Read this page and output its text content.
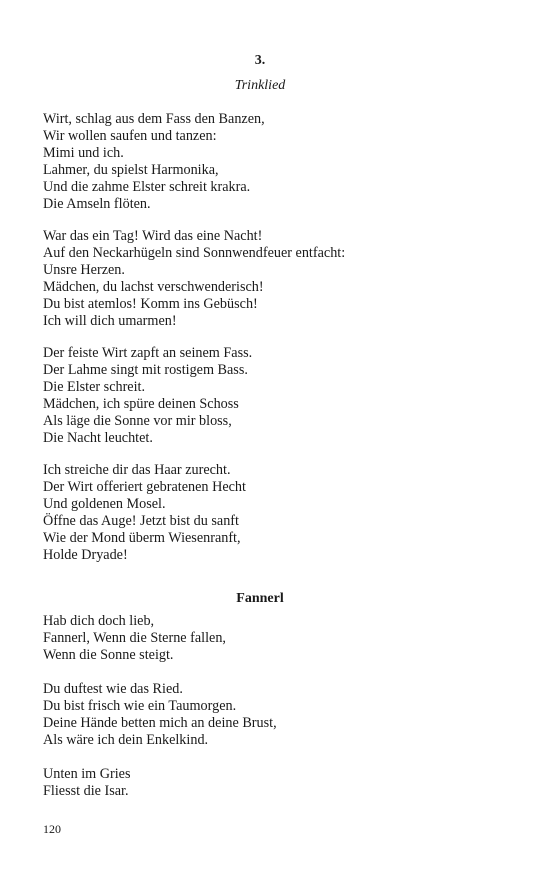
3.
Trinklied
Wirt, schlag aus dem Fass den Banzen,
Wir wollen saufen und tanzen:
Mimi und ich.
Lahmer, du spielst Harmonika,
Und die zahme Elster schreit krakra.
Die Amseln flöten.
War das ein Tag! Wird das eine Nacht!
Auf den Neckarhügeln sind Sonnwendfeuer entfacht:
Unsre Herzen.
Mädchen, du lachst verschwenderisch!
Du bist atemlos! Komm ins Gebüsch!
Ich will dich umarmen!
Der feiste Wirt zapft an seinem Fass.
Der Lahme singt mit rostigem Bass.
Die Elster schreit.
Mädchen, ich spüre deinen Schoss
Als läge die Sonne vor mir bloss,
Die Nacht leuchtet.
Ich streiche dir das Haar zurecht.
Der Wirt offeriert gebratenen Hecht
Und goldenen Mosel.
Öffne das Auge! Jetzt bist du sanft
Wie der Mond überm Wiesenranft,
Holde Dryade!
Fannerl
Hab dich doch lieb,
Fannerl, Wenn die Sterne fallen,
Wenn die Sonne steigt.
Du duftest wie das Ried.
Du bist frisch wie ein Taumorgen.
Deine Hände betten mich an deine Brust,
Als wäre ich dein Enkelkind.
Unten im Gries
Fliesst die Isar.
120
